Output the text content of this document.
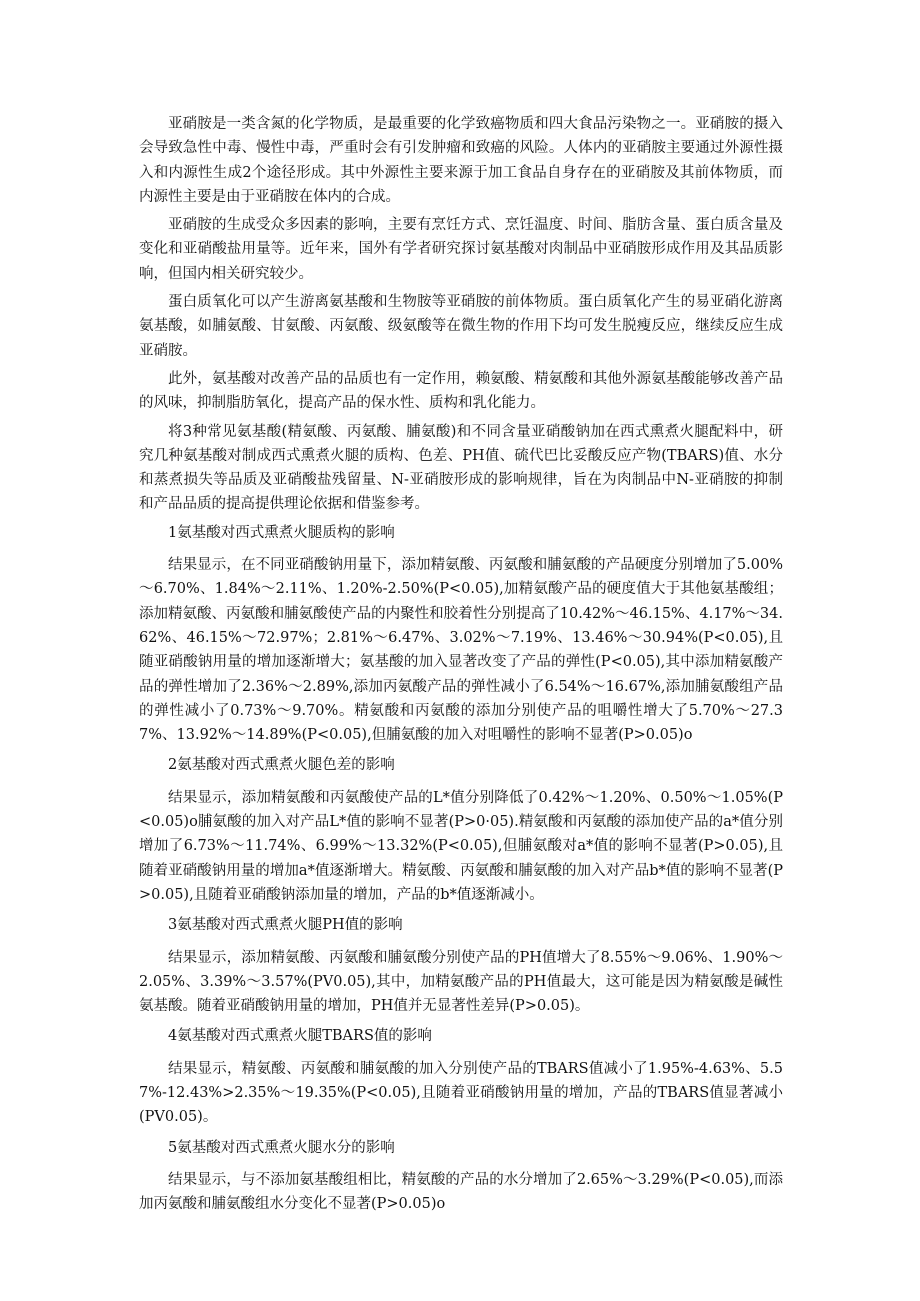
亚硝胺是一类含氮的化学物质，是最重要的化学致癌物质和四大食品污染物之一。亚硝胺的摄入会导致急性中毒、慢性中毒，严重时会有引发肿瘤和致癌的风险。人体内的亚硝胺主要通过外源性摄入和内源性生成2个途径形成。其中外源性主要来源于加工食品自身存在的亚硝胺及其前体物质，而内源性主要是由于亚硝胺在体内的合成。

亚硝胺的生成受众多因素的影响，主要有烹饪方式、烹饪温度、时间、脂肪含量、蛋白质含量及变化和亚硝酸盐用量等。近年来，国外有学者研究探讨氨基酸对肉制品中亚硝胺形成作用及其品质影响，但国内相关研究较少。

蛋白质氧化可以产生游离氨基酸和生物胺等亚硝胺的前体物质。蛋白质氧化产生的易亚硝化游离氨基酸，如脯氨酸、甘氨酸、丙氨酸、级氨酸等在微生物的作用下均可发生脱瘦反应，继续反应生成亚硝胺。

此外，氨基酸对改善产品的品质也有一定作用，赖氨酸、精氨酸和其他外源氨基酸能够改善产品的风味，抑制脂肪氧化，提高产品的保水性、质构和乳化能力。

将3种常见氨基酸(精氨酸、丙氨酸、脯氨酸)和不同含量亚硝酸钠加在西式熏煮火腿配料中，研究几种氨基酸对制成西式熏煮火腿的质构、色差、PH值、硫代巴比妥酸反应产物(TBARS)值、水分和蒸煮损失等品质及亚硝酸盐残留量、N-亚硝胺形成的影响规律，旨在为肉制品中N-亚硝胺的抑制和产品品质的提高提供理论依据和借鉴参考。

1氨基酸对西式熏煮火腿质构的影响

结果显示，在不同亚硝酸钠用量下，添加精氨酸、丙氨酸和脯氨酸的产品硬度分别增加了5.00%～6.70%、1.84%～2.11%、1.20%-2.50%(P<0.05),加精氨酸产品的硬度值大于其他氨基酸组；添加精氨酸、丙氨酸和脯氨酸使产品的内聚性和胶着性分别提高了10.42%～46.15%、4.17%～34.62%、46.15%～72.97%；2.81%～6.47%、3.02%～7.19%、13.46%～30.94%(P<0.05),且随亚硝酸钠用量的增加逐渐增大；氨基酸的加入显著改变了产品的弹性(P<0.05),其中添加精氨酸产品的弹性增加了2.36%～2.89%,添加丙氨酸产品的弹性减小了6.54%～16.67%,添加脯氨酸组产品的弹性减小了0.73%～9.70%。精氨酸和丙氨酸的添加分别使产品的咀嚼性增大了5.70%～27.37%、13.92%～14.89%(P<0.05),但脯氨酸的加入对咀嚼性的影响不显著(P>0.05)o

2氨基酸对西式熏煮火腿色差的影响

结果显示，添加精氨酸和丙氨酸使产品的L*值分别降低了0.42%～1.20%、0.50%～1.05%(P<0.05)o脯氨酸的加入对产品L*值的影响不显著(P>0·05).精氨酸和丙氨酸的添加使产品的a*值分别增加了6.73%～11.74%、6.99%～13.32%(P<0.05),但脯氨酸对a*值的影响不显著(P>0.05),且随着亚硝酸钠用量的增加a*值逐渐增大。精氨酸、丙氨酸和脯氨酸的加入对产品b*值的影响不显著(P>0.05),且随着亚硝酸钠添加量的增加，产品的b*值逐渐减小。

3氨基酸对西式熏煮火腿PH值的影响

结果显示，添加精氨酸、丙氨酸和脯氨酸分别使产品的PH值增大了8.55%～9.06%、1.90%～2.05%、3.39%～3.57%(PV0.05),其中，加精氨酸产品的PH值最大，这可能是因为精氨酸是碱性氨基酸。随着亚硝酸钠用量的增加，PH值并无显著性差异(P>0.05)。

4氨基酸对西式熏煮火腿TBARS值的影响

结果显示，精氨酸、丙氨酸和脯氨酸的加入分别使产品的TBARS值减小了1.95%-4.63%、5.57%-12.43%>2.35%～19.35%(P<0.05),且随着亚硝酸钠用量的增加，产品的TBARS值显著减小(PV0.05)。

5氨基酸对西式熏煮火腿水分的影响

结果显示，与不添加氨基酸组相比，精氨酸的产品的水分增加了2.65%～3.29%(P<0.05),而添加丙氨酸和脯氨酸组水分变化不显著(P>0.05)o
